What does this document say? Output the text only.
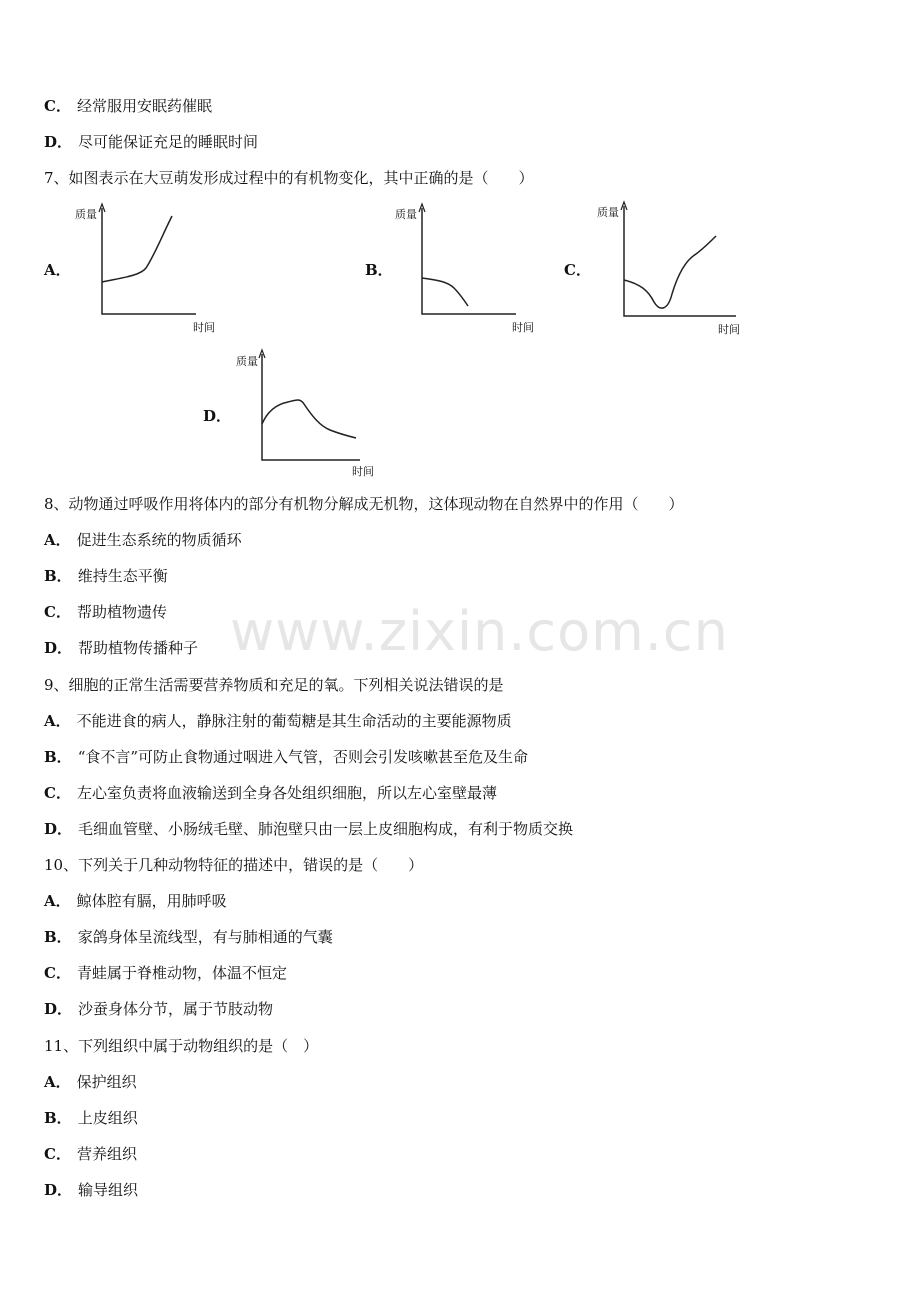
www.zixin.com.cn
C． 经常服用安眠药催眠
D． 尽可能保证充足的睡眠时间
7、如图表示在大豆萌发形成过程中的有机物变化，其中正确的是（　　）
A．
质量
时间
B．
质量
时间
C．
质量
时间
D．
质量
时间
8、动物通过呼吸作用将体内的部分有机物分解成无机物，这体现动物在自然界中的作用（　　）
A． 促进生态系统的物质循环
B． 维持生态平衡
C． 帮助植物遗传
D． 帮助植物传播种子
9、细胞的正常生活需要营养物质和充足的氧。下列相关说法错误的是
A． 不能进食的病人，静脉注射的葡萄糖是其生命活动的主要能源物质
B． “食不言”可防止食物通过咽进入气管，否则会引发咳嗽甚至危及生命
C． 左心室负责将血液输送到全身各处组织细胞，所以左心室壁最薄
D． 毛细血管壁、小肠绒毛壁、肺泡壁只由一层上皮细胞构成，有利于物质交换
10、下列关于几种动物特征的描述中，错误的是（　　）
A． 鲸体腔有膈，用肺呼吸
B． 家鸽身体呈流线型，有与肺相通的气囊
C． 青蛙属于脊椎动物，体温不恒定
D． 沙蚕身体分节，属于节肢动物
11、下列组织中属于动物组织的是（　）
A． 保护组织
B． 上皮组织
C． 营养组织
D． 输导组织
